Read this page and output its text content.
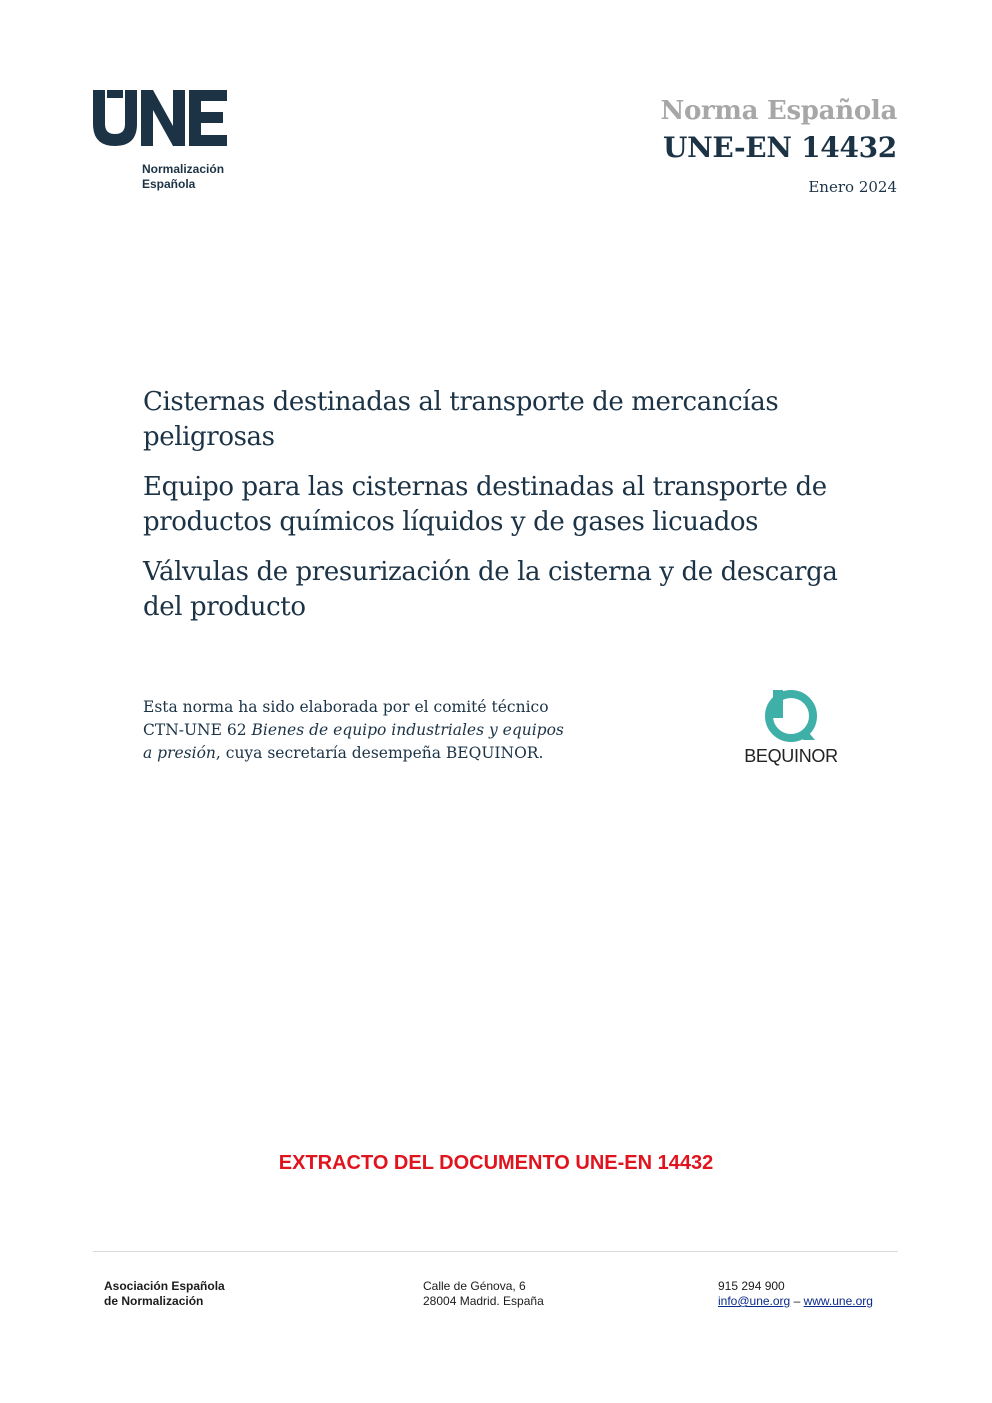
Normalización
Española
Norma Española
UNE-EN 14432
Enero 2024
Cisternas destinadas al transporte de mercancías peligrosas
Equipo para las cisternas destinadas al transporte de productos químicos líquidos y de gases licuados
Válvulas de presurización de la cisterna y de descarga del producto
Esta norma ha sido elaborada por el comité técnico
CTN-UNE 62 Bienes de equipo industriales y equipos
a presión, cuya secretaría desempeña BEQUINOR.	BEQUINOR
EXTRACTO DEL DOCUMENTO UNE-EN 14432
Asociación Española
de Normalización
Calle de Génova, 6
28004 Madrid. España
915 294 900
info@une.org – www.une.org
